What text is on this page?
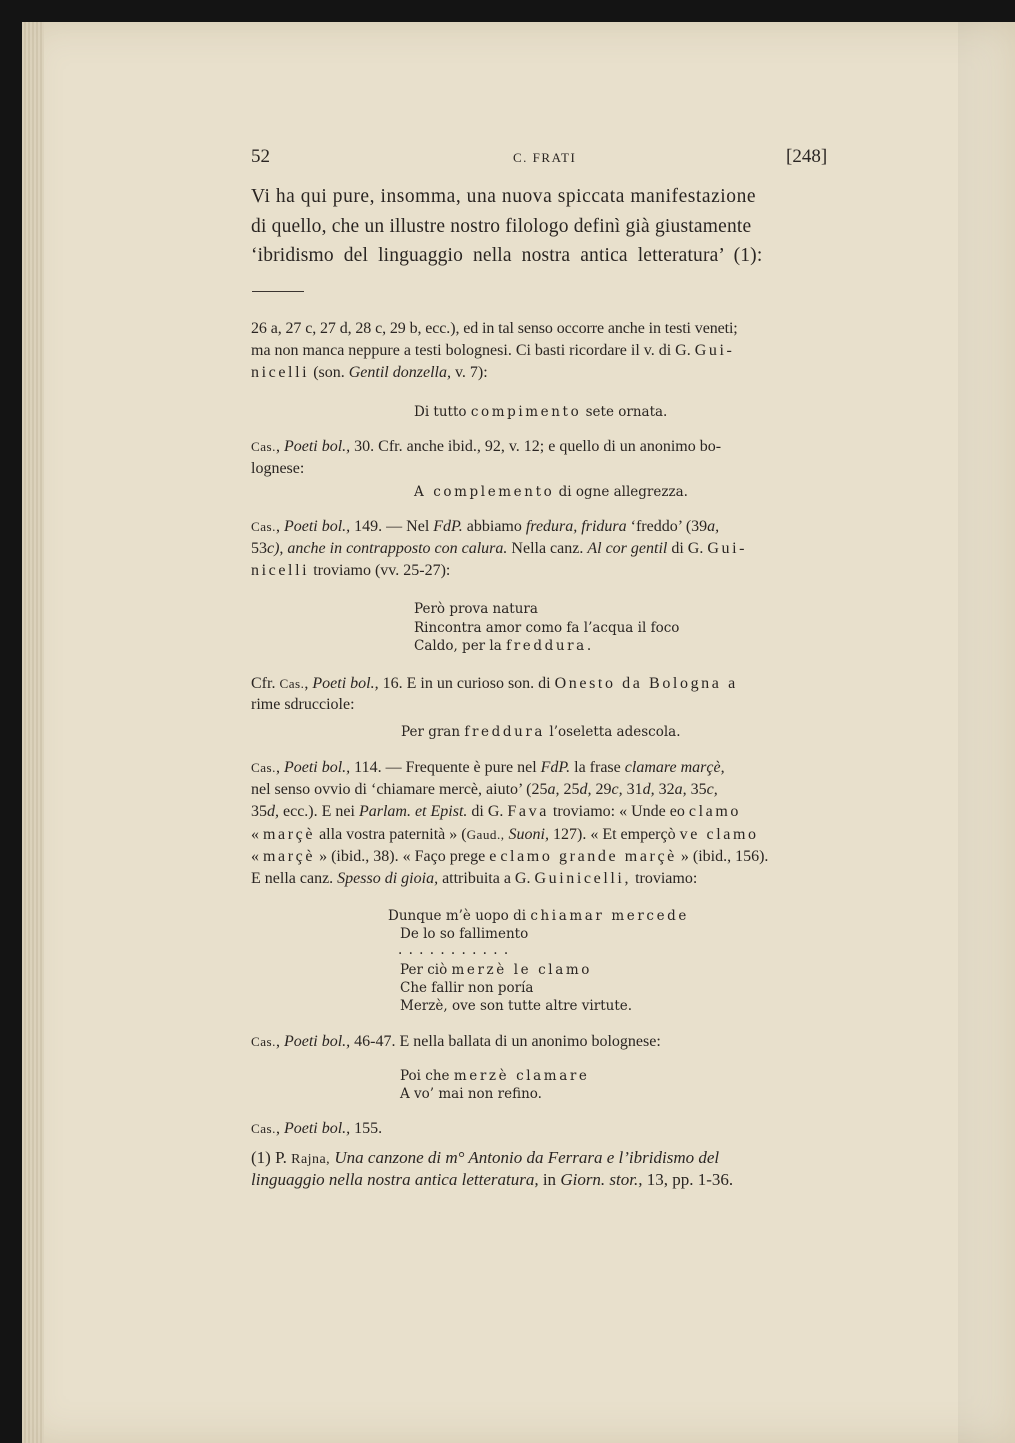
52	C. FRATI	[248]
Vi ha qui pure, insomma, una nuova spiccata manifestazione
di quello, che un illustre nostro filologo definì già giustamente
‘ibridismo del linguaggio nella nostra antica letteratura’ (1):
26 a, 27 c, 27 d, 28 c, 29 b, ecc.), ed in tal senso occorre anche in testi veneti;
ma non manca neppure a testi bolognesi. Ci basti ricordare il v. di G. Gui-
nicelli (son. Gentil donzella, v. 7):
Di tutto compimento sete ornata.
Cas., Poeti bol., 30. Cfr. anche ibid., 92, v. 12; e quello di un anonimo bo-
lognese:
A complemento di ogne allegrezza.
Cas., Poeti bol., 149. — Nel FdP. abbiamo fredura, fridura ‘freddo’ (39a,
53c), anche in contrapposto con calura. Nella canz. Al cor gentil di G. Gui-
nicelli troviamo (vv. 25-27):
Però prova natura
Rincontra amor como fa l’acqua il foco
Caldo, per la freddura.
Cfr. Cas., Poeti bol., 16. E in un curioso son. di Onesto da Bologna a
rime sdrucciole:
Per gran freddura l’oseletta adescola.
Cas., Poeti bol., 114. — Frequente è pure nel FdP. la frase clamare marçè,
nel senso ovvio di ‘chiamare mercè, aiuto’ (25a, 25d, 29c, 31d, 32a, 35c,
35d, ecc.). E nei Parlam. et Epist. di G. Fava troviamo: « Unde eo clamo
« marçè alla vostra paternità » (Gaud., Suoni, 127). « Et emperçò ve clamo
« marçè » (ibid., 38). « Faço prege e clamo grande marçè » (ibid., 156).
E nella canz. Spesso di gioia, attribuita a G. Guinicelli, troviamo:
Dunque m’è uopo di chiamar mercede
De lo so fallimento
. . . . . . . . . . .
Per ciò merzè le clamo
Che fallir non poría
Merzè, ove son tutte altre virtute.
Cas., Poeti bol., 46-47. E nella ballata di un anonimo bolognese:
Poi che merzè clamare
A vo’ mai non refino.
Cas., Poeti bol., 155.
(1) P. Rajna, Una canzone di m° Antonio da Ferrara e l’ibridismo del
linguaggio nella nostra antica letteratura, in Giorn. stor., 13, pp. 1-36.
